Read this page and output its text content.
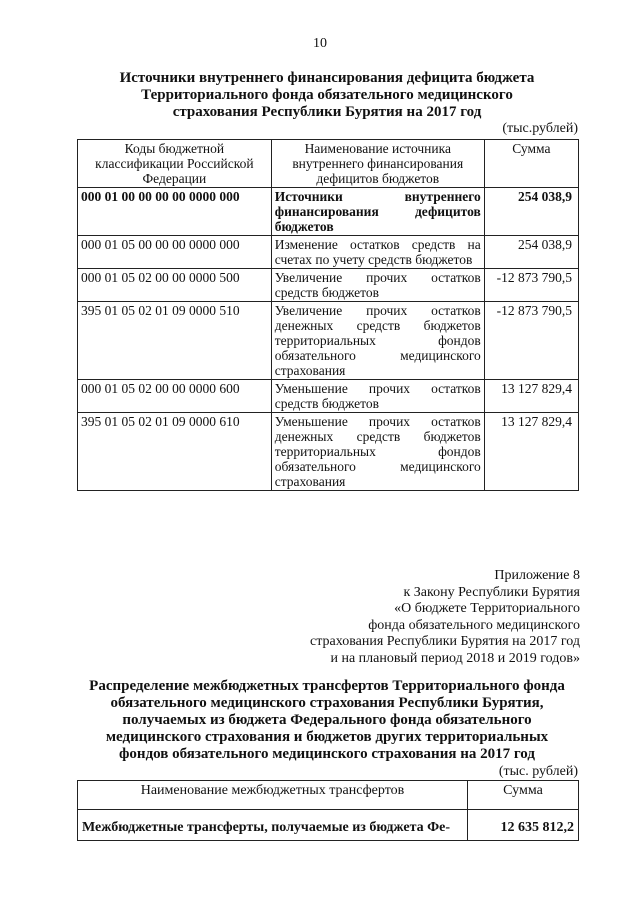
10
Источники внутреннего финансирования дефицита бюджета
Территориального фонда обязательного медицинского
страхования Республики Бурятия на 2017 год
(тыс.рублей)
Коды бюджетной классификации Российской Федерации	Наименование источника внутреннего финансирования дефицитов бюджетов	Сумма
000 01 00 00 00 00 0000 000	Источники внутреннего финансирования дефицитов бюджетов	254 038,9
000 01 05 00 00 00 0000 000	Изменение остатков средств на счетах по учету средств бюджетов	254 038,9
000 01 05 02 00 00 0000 500	Увеличение прочих остатков средств бюджетов	-12 873 790,5
395 01 05 02 01 09 0000 510	Увеличение прочих остатков денежных средств бюджетов территориальных фондов обязательного медицинского страхования	-12 873 790,5
000 01 05 02 00 00 0000 600	Уменьшение прочих остатков средств бюджетов	13 127 829,4
395 01 05 02 01 09 0000 610	Уменьшение прочих остатков денежных средств бюджетов территориальных фондов обязательного медицинского страхования	13 127 829,4
Приложение 8
к Закону Республики Бурятия
«О бюджете Территориального
фонда обязательного медицинского
страхования Республики Бурятия на 2017 год
и на плановый период 2018 и 2019 годов»
Распределение межбюджетных трансфертов Территориального фонда
обязательного медицинского страхования Республики Бурятия,
получаемых из бюджета Федерального фонда обязательного
медицинского страхования и бюджетов других территориальных
фондов обязательного медицинского страхования на 2017 год
(тыс. рублей)
Наименование межбюджетных трансфертов	Сумма
Межбюджетные трансферты, получаемые из бюджета Фе-	12 635 812,2
